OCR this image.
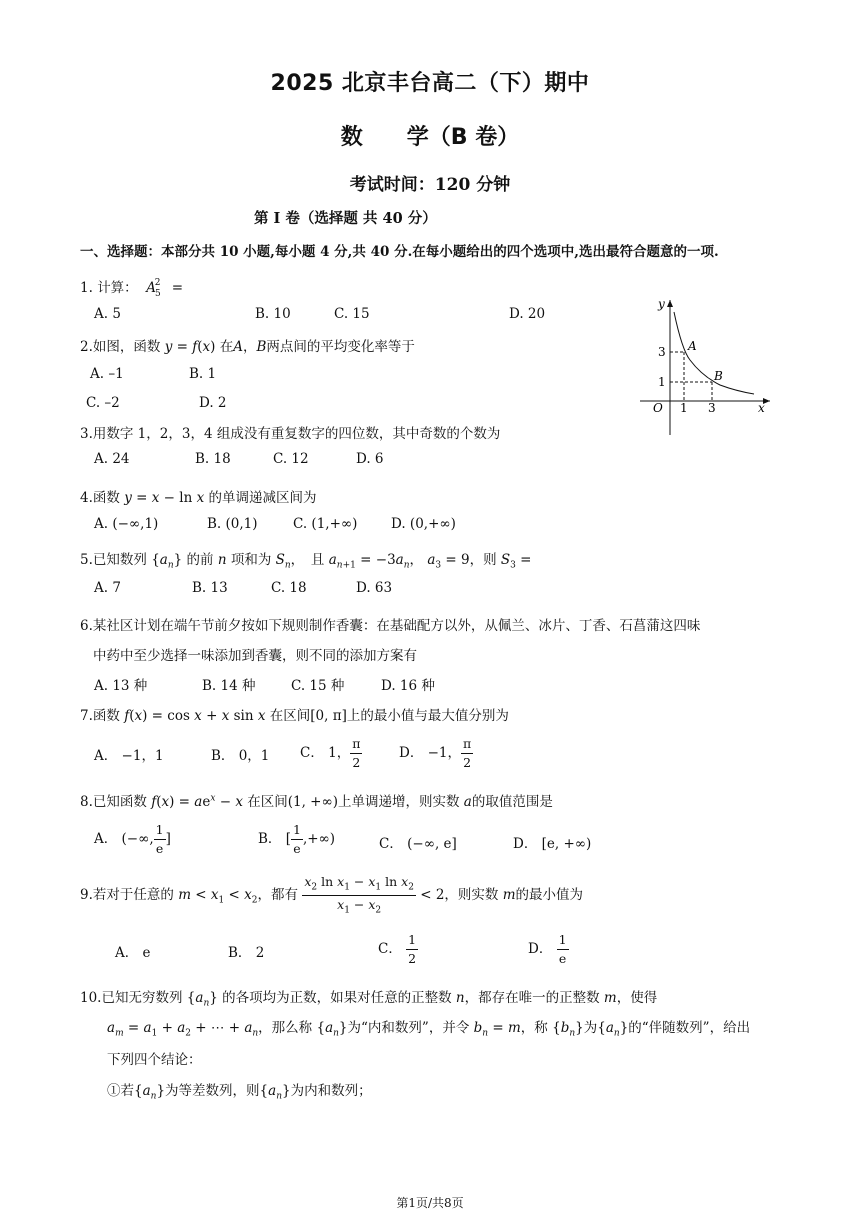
2025 北京丰台高二（下）期中
数　　学（B 卷）
考试时间：120 分钟
第 I 卷（选择题 共 40 分）
一、选择题：本部分共 10 小题,每小题 4 分,共 40 分.在每小题给出的四个选项中,选出最符合题意的一项.
1. 计算： $A_5^2$ =
A. 5	B. 10	C. 15	D. 20
y
x
O 1 3
1
3 A
B
2.如图，函数 y = f(x) 在A，B两点间的平均变化率等于
A. –1	B. 1
C. –2	D. 2
3.用数字 1，2，3，4 组成没有重复数字的四位数，其中奇数的个数为
A. 24	B. 18	C. 12	D. 6
4.函数 y = x − ln x 的单调递减区间为
A. (−∞,1)	B. (0,1)	C. (1,+∞) D. (0,+∞)
5.已知数列 $\{a_n\}$ 的前 n 项和为 $S_n$，　且 $a_{n+1} = -3a_n$， $a_3 = 9$，则 $S_3$ =
A. 7	B. 13	C. 18	D. 63
6.某社区计划在端午节前夕按如下规则制作香囊：在基础配方以外，从佩兰、冰片、丁香、石菖蒲这四味
中药中至少选择一味添加到香囊，则不同的添加方案有
A. 13 种	B. 14 种	C. 15 种	D. 16 种
7.函数 f(x) = cos x + x sin x 在区间[0, π]上的最小值与最大值分别为
A． −1，1	B． 0，1 C． 1， $\frac{\pi}{2}$	D． −1， $\frac{\pi}{2}$
8.已知函数 $f(x) = ae^x - x$ 在区间(1, +∞)上单调递增，则实数 a的取值范围是
A． (−∞, $\frac{1}{e}$ ]	B． [ $\frac{1}{e}$ ,+∞)	C． (−∞, e]	D． [e, +∞)
9.若对于任意的 $m < x_1 < x_2$，都有 $\frac{x_2 \ln x_1 - x_1 \ln x_2}{x_1 - x_2} < 2$，则实数 m的最小值为
A． e	B． 2	C． $\frac{1}{2}$	D． $\frac{1}{e}$
10.已知无穷数列 $\{a_n\}$ 的各项均为正数，如果对任意的正整数 n，都存在唯一的正整数 m，使得
$a_m = a_1 + a_2$ + ⋯ + $a_n$，那么称 $\{a_n\}$为“内和数列”，并令 $b_n = m$，称 $\{b_n\}$为$\{a_n\}$的“伴随数列”，给出
下列四个结论：
①若$\{a_n\}$为等差数列，则$\{a_n\}$为内和数列；
第1页/共8页
